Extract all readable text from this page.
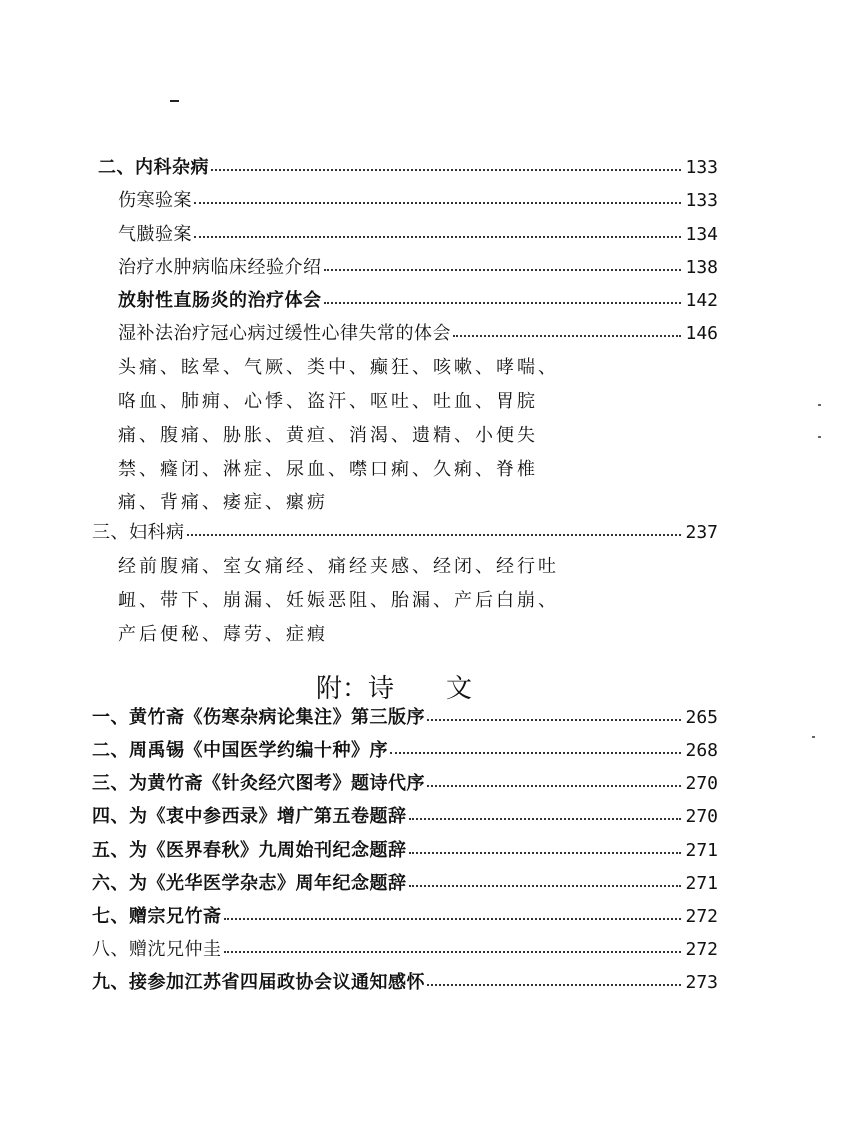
二、内科杂病	133
伤寒验案	133
气臌验案	134
治疗水肿病临床经验介绍	138
放射性直肠炎的治疗体会	142
湿补法治疗冠心病过缓性心律失常的体会	146
头痛、眩晕、气厥、类中、癫狂、咳嗽、哮喘、
咯血、肺痈、心悸、盗汗、呕吐、吐血、胃脘
痛、腹痛、胁胀、黄疸、消渴、遗精、小便失
禁、癃闭、淋症、尿血、噤口痢、久痢、脊椎
痛、背痛、痿症、瘰疬
三、妇科病	237
经前腹痛、室女痛经、痛经夹感、经闭、经行吐
衄、带下、崩漏、妊娠恶阻、胎漏、产后白崩、
产后便秘、蓐劳、症瘕
附：诗　　文
一、黄竹斋《伤寒杂病论集注》第三版序	265
二、周禹锡《中国医学约编十种》序	268
三、为黄竹斋《针灸经穴图考》题诗代序	270
四、为《衷中参西录》增广第五卷题辞	270
五、为《医界春秋》九周始刊纪念题辞	271
六、为《光华医学杂志》周年纪念题辞	271
七、赠宗兄竹斋	272
八、赠沈兄仲圭	272
九、接参加江苏省四届政协会议通知感怀	273
